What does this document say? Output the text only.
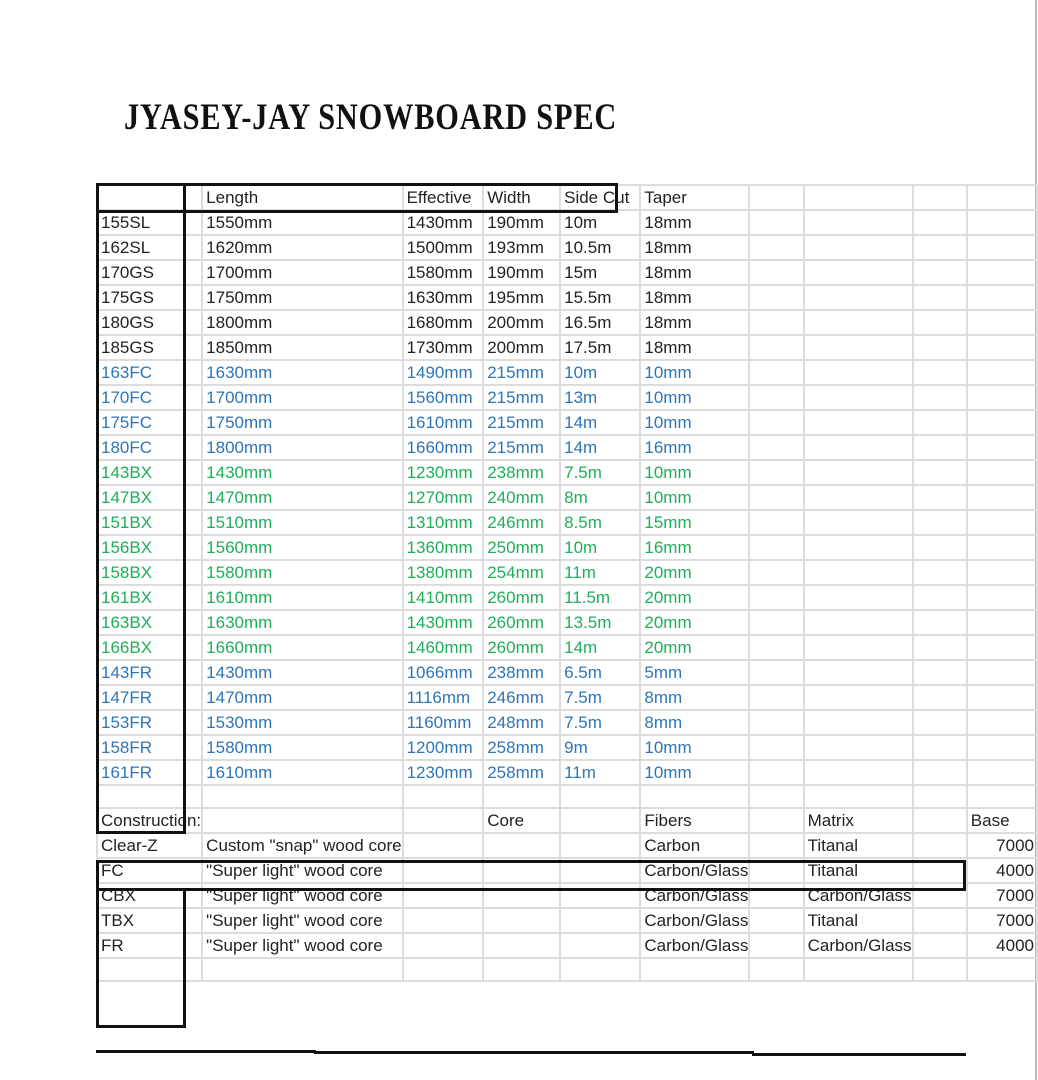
JYASEY-JAY SNOWBOARD SPEC
	Length	Effective	Width	Side Cut	Taper				
155SL	1550mm	1430mm	190mm	10m	18mm				
162SL	1620mm	1500mm	193mm	10.5m	18mm				
170GS	1700mm	1580mm	190mm	15m	18mm				
175GS	1750mm	1630mm	195mm	15.5m	18mm				
180GS	1800mm	1680mm	200mm	16.5m	18mm				
185GS	1850mm	1730mm	200mm	17.5m	18mm				
163FC	1630mm	1490mm	215mm	10m	10mm				
170FC	1700mm	1560mm	215mm	13m	10mm				
175FC	1750mm	1610mm	215mm	14m	10mm				
180FC	1800mm	1660mm	215mm	14m	16mm				
143BX	1430mm	1230mm	238mm	7.5m	10mm				
147BX	1470mm	1270mm	240mm	8m	10mm				
151BX	1510mm	1310mm	246mm	8.5m	15mm				
156BX	1560mm	1360mm	250mm	10m	16mm				
158BX	1580mm	1380mm	254mm	11m	20mm				
161BX	1610mm	1410mm	260mm	11.5m	20mm				
163BX	1630mm	1430mm	260mm	13.5m	20mm				
166BX	1660mm	1460mm	260mm	14m	20mm				
143FR	1430mm	1066mm	238mm	6.5m	5mm				
147FR	1470mm	1116mm	246mm	7.5m	8mm				
153FR	1530mm	1160mm	248mm	7.5m	8mm				
158FR	1580mm	1200mm	258mm	9m	10mm				
161FR	1610mm	1230mm	258mm	11m	10mm				

Construction:			Core		Fibers		Matrix		Base
Clear-Z	Custom "snap" wood core				Carbon		Titanal		7000
FC	"Super light" wood core				Carbon/Glass		Titanal		4000
CBX	"Super light" wood core				Carbon/Glass		Carbon/Glass		7000
TBX	"Super light" wood core				Carbon/Glass		Titanal		7000
FR	"Super light" wood core				Carbon/Glass		Carbon/Glass		4000
